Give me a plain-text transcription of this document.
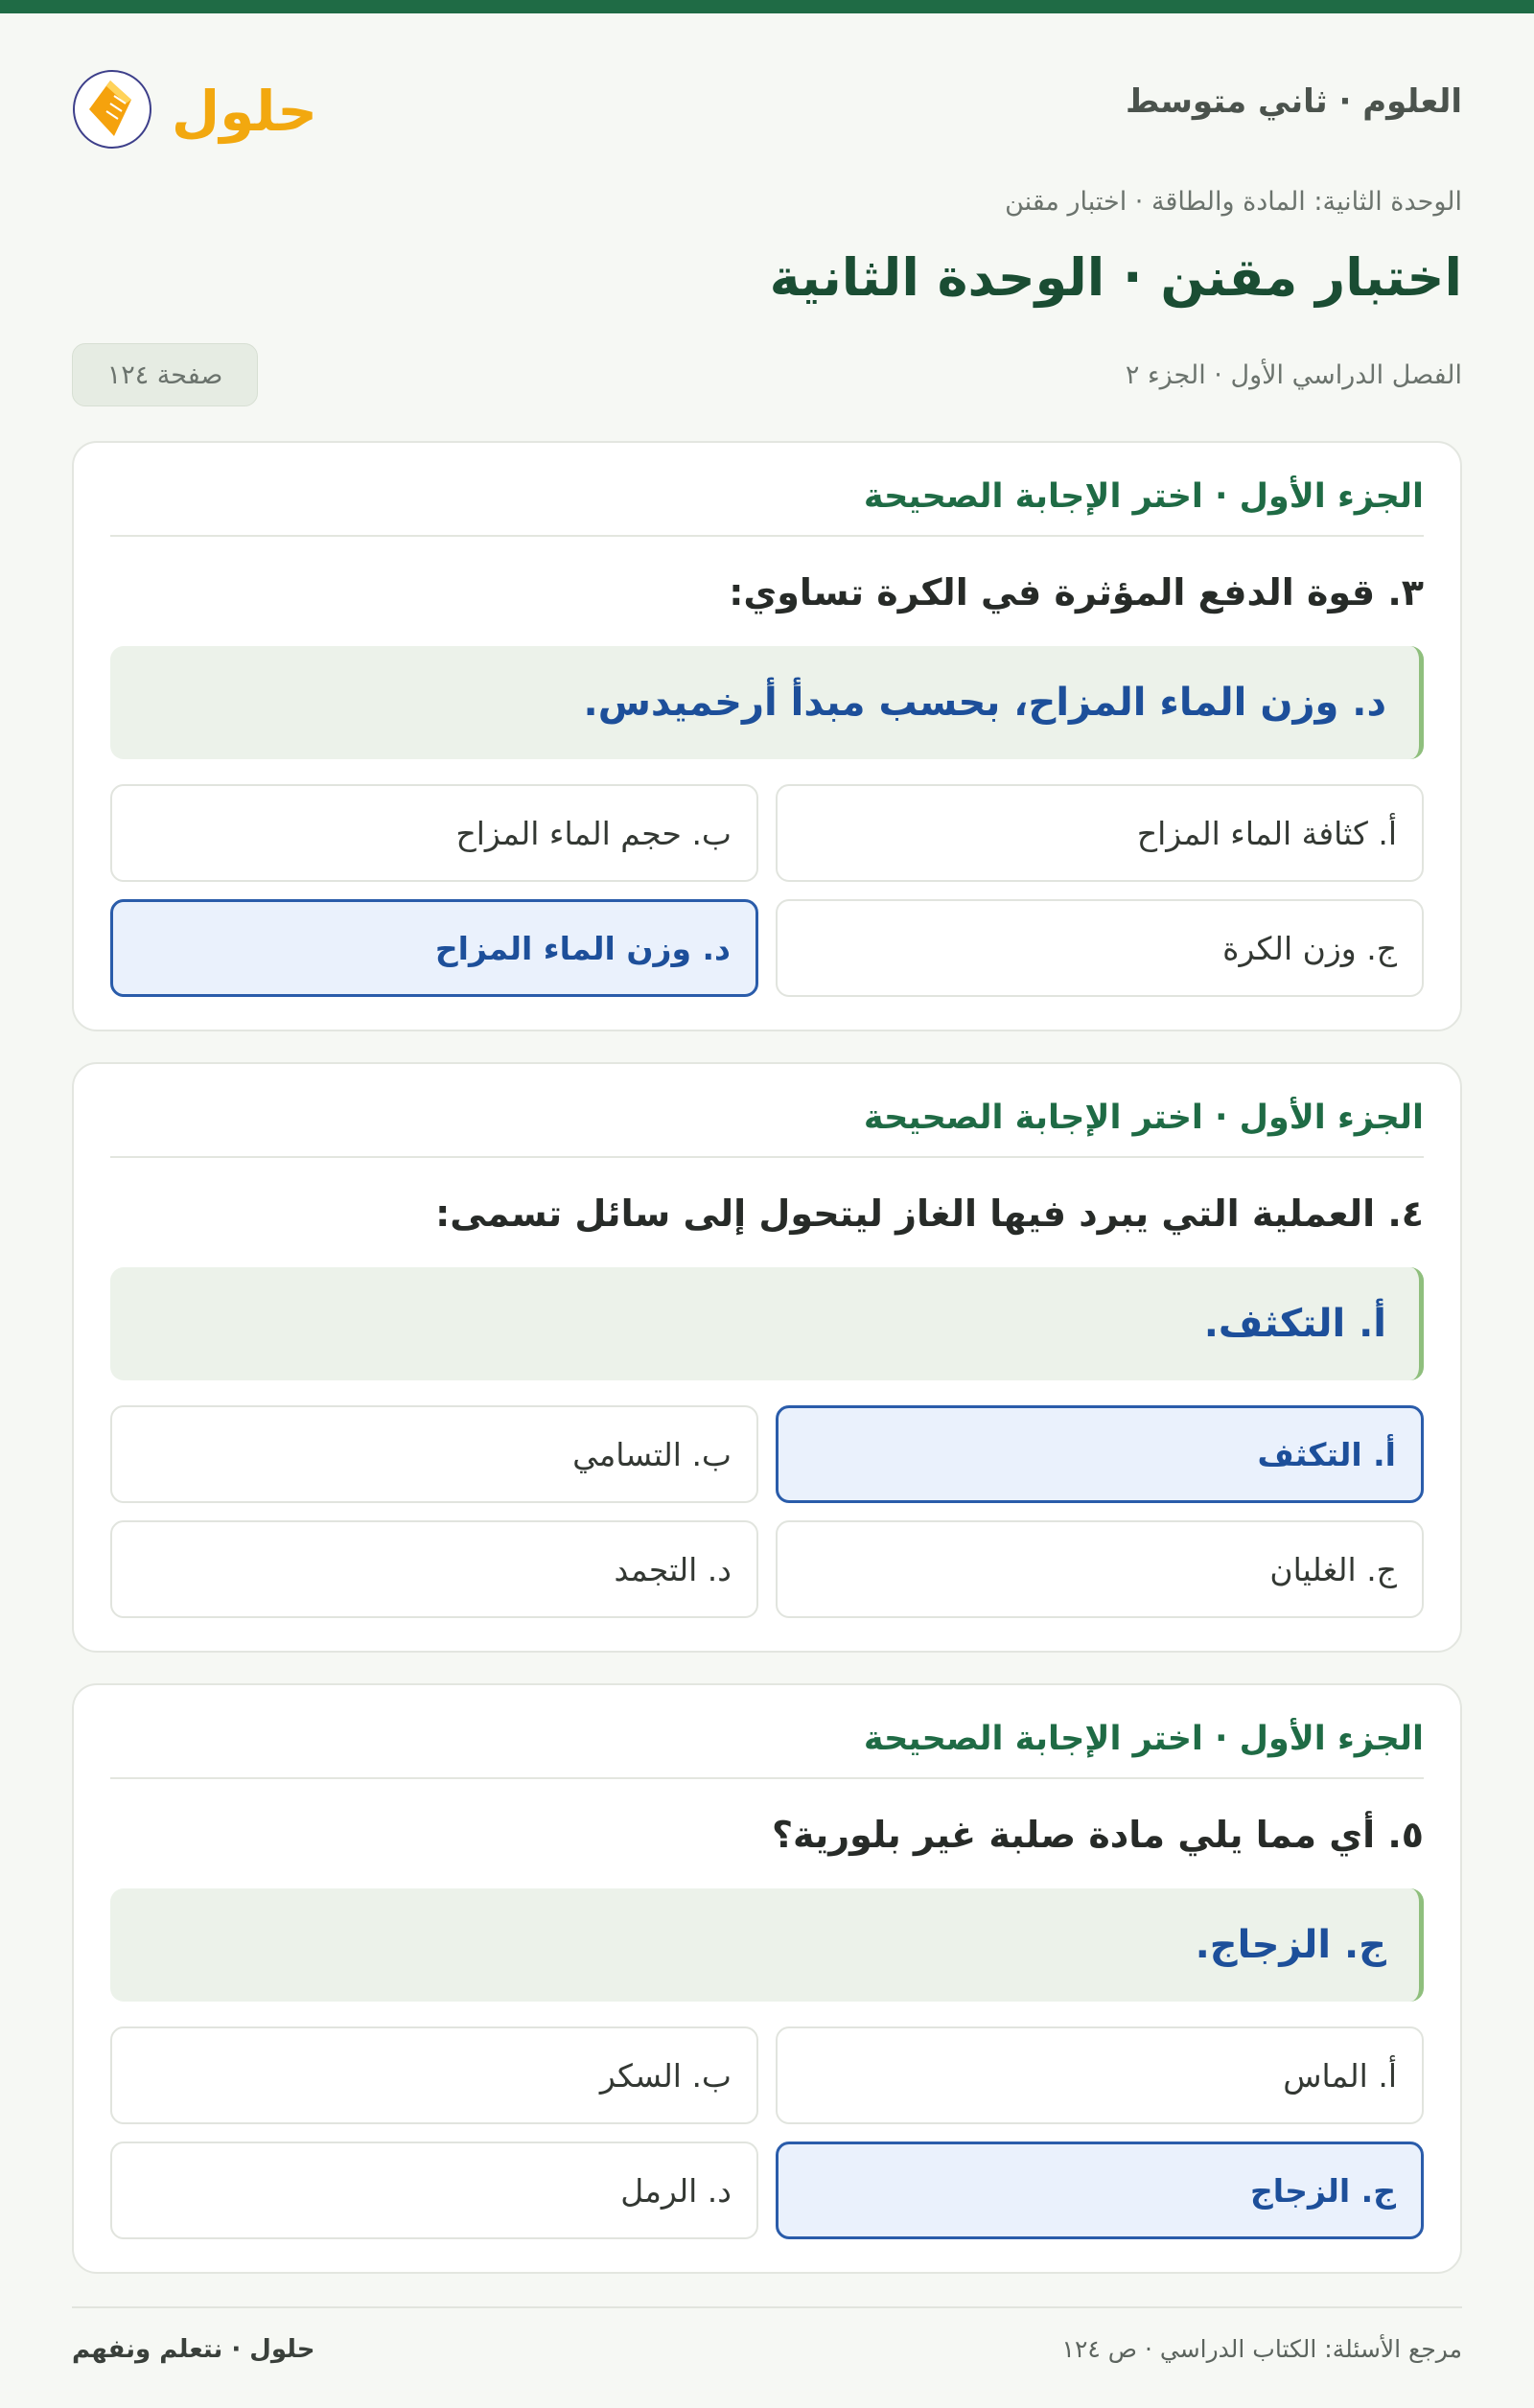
العلوم · ثاني متوسط
حلول
الوحدة الثانية: المادة والطاقة · اختبار مقنن
اختبار مقنن · الوحدة الثانية
الفصل الدراسي الأول · الجزء ٢
صفحة ١٢٤
الجزء الأول · اختر الإجابة الصحيحة
٣. قوة الدفع المؤثرة في الكرة تساوي:
د. وزن الماء المزاح، بحسب مبدأ أرخميدس.
أ. كثافة الماء المزاح
ب. حجم الماء المزاح
ج. وزن الكرة
د. وزن الماء المزاح
الجزء الأول · اختر الإجابة الصحيحة
٤. العملية التي يبرد فيها الغاز ليتحول إلى سائل تسمى:
أ. التكثف.
أ. التكثف
ب. التسامي
ج. الغليان
د. التجمد
الجزء الأول · اختر الإجابة الصحيحة
٥. أي مما يلي مادة صلبة غير بلورية؟
ج. الزجاج.
أ. الماس
ب. السكر
ج. الزجاج
د. الرمل
مرجع الأسئلة: الكتاب الدراسي · ص ١٢٤
حلول · نتعلم ونفهم
